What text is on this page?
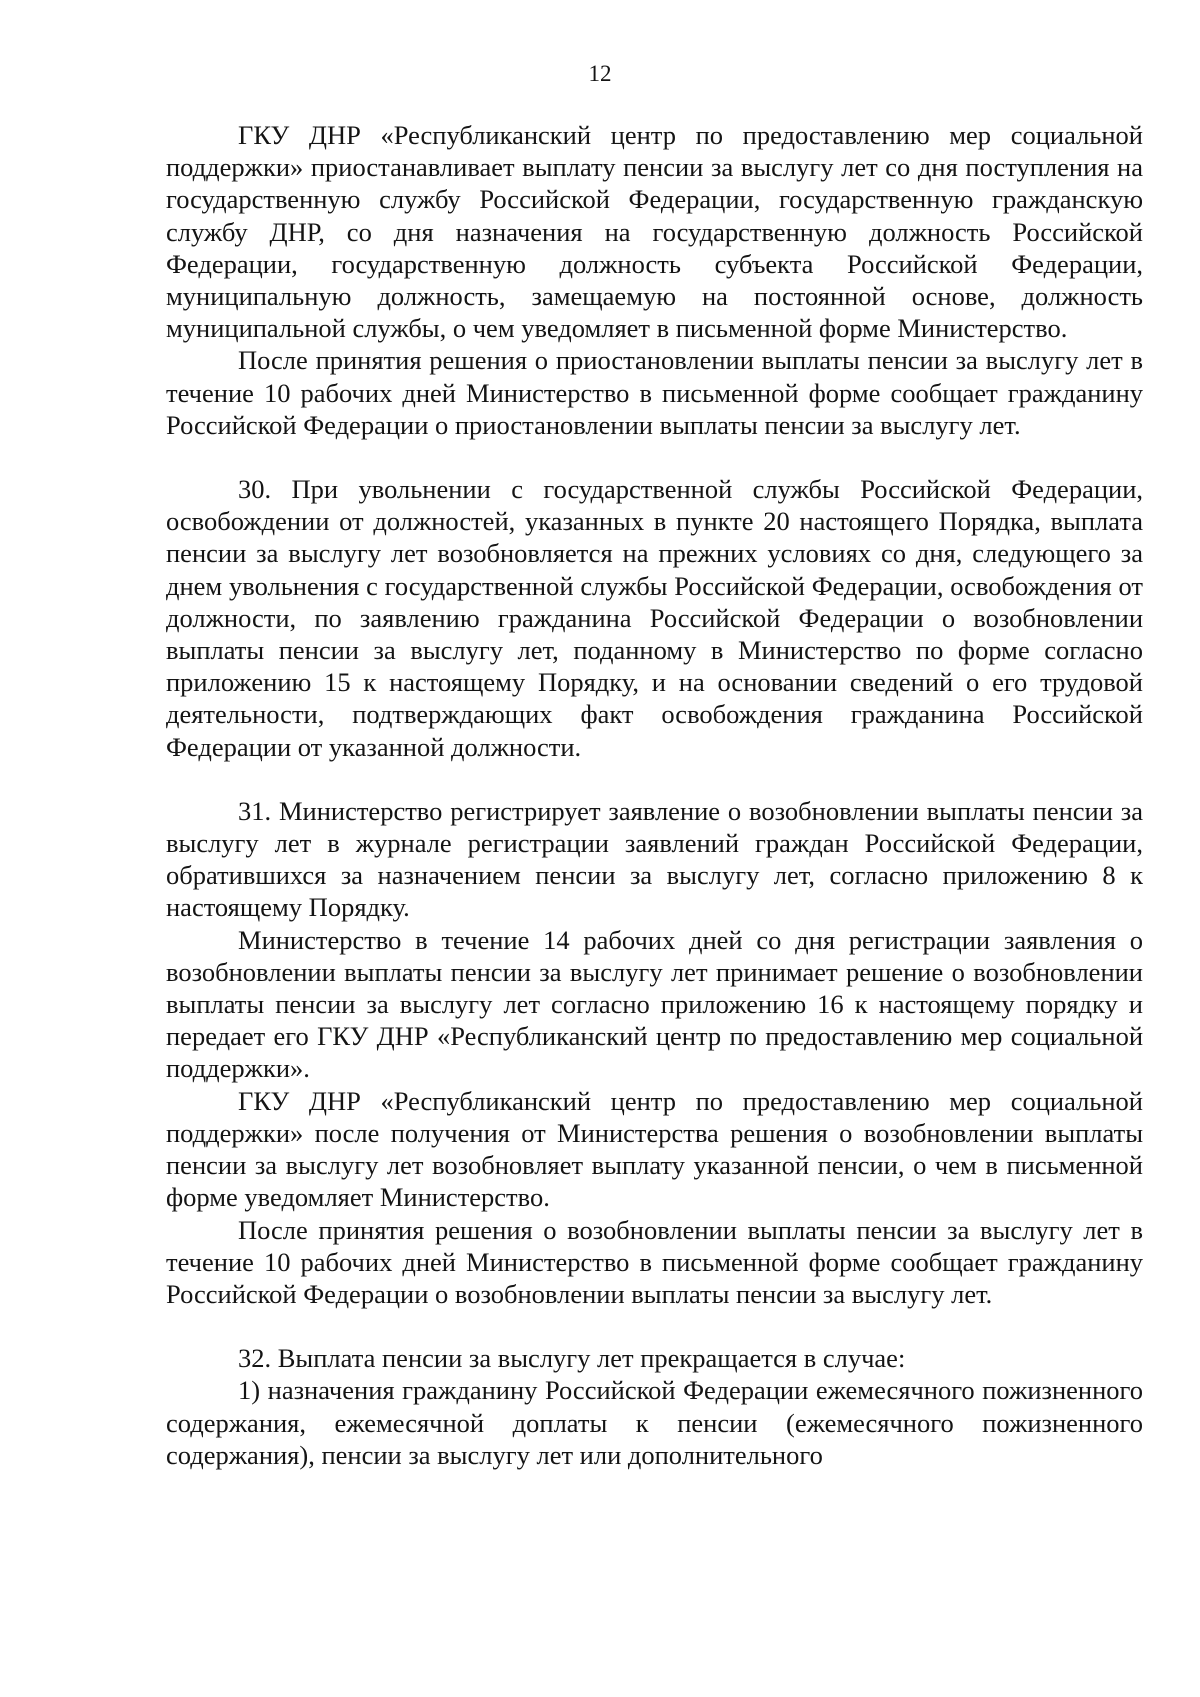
12

ГКУ ДНР «Республиканский центр по предоставлению мер социальной поддержки» приостанавливает выплату пенсии за выслугу лет со дня поступления на государственную службу Российской Федерации, государственную гражданскую службу ДНР, со дня назначения на государственную должность Российской Федерации, государственную должность субъекта Российской Федерации, муниципальную должность, замещаемую на постоянной основе, должность муниципальной службы, о чем уведомляет в письменной форме Министерство.

После принятия решения о приостановлении выплаты пенсии за выслугу лет в течение 10 рабочих дней Министерство в письменной форме сообщает гражданину Российской Федерации о приостановлении выплаты пенсии за выслугу лет.

30. При увольнении с государственной службы Российской Федерации, освобождении от должностей, указанных в пункте 20 настоящего Порядка, выплата пенсии за выслугу лет возобновляется на прежних условиях со дня, следующего за днем увольнения с государственной службы Российской Федерации, освобождения от должности, по заявлению гражданина Российской Федерации о возобновлении выплаты пенсии за выслугу лет, поданному в Министерство по форме согласно приложению 15 к настоящему Порядку, и на основании сведений о его трудовой деятельности, подтверждающих факт освобождения гражданина Российской Федерации от указанной должности.

31. Министерство регистрирует заявление о возобновлении выплаты пенсии за выслугу лет в журнале регистрации заявлений граждан Российской Федерации, обратившихся за назначением пенсии за выслугу лет, согласно приложению 8 к настоящему Порядку.

Министерство в течение 14 рабочих дней со дня регистрации заявления о возобновлении выплаты пенсии за выслугу лет принимает решение о возобновлении выплаты пенсии за выслугу лет согласно приложению 16 к настоящему порядку и передает его ГКУ ДНР «Республиканский центр по предоставлению мер социальной поддержки».

ГКУ ДНР «Республиканский центр по предоставлению мер социальной поддержки» после получения от Министерства решения о возобновлении выплаты пенсии за выслугу лет возобновляет выплату указанной пенсии, о чем в письменной форме уведомляет Министерство.

После принятия решения о возобновлении выплаты пенсии за выслугу лет в течение 10 рабочих дней Министерство в письменной форме сообщает гражданину Российской Федерации о возобновлении выплаты пенсии за выслугу лет.

32. Выплата пенсии за выслугу лет прекращается в случае:

1) назначения гражданину Российской Федерации ежемесячного пожизненного содержания, ежемесячной доплаты к пенсии (ежемесячного пожизненного содержания), пенсии за выслугу лет или дополнительного
